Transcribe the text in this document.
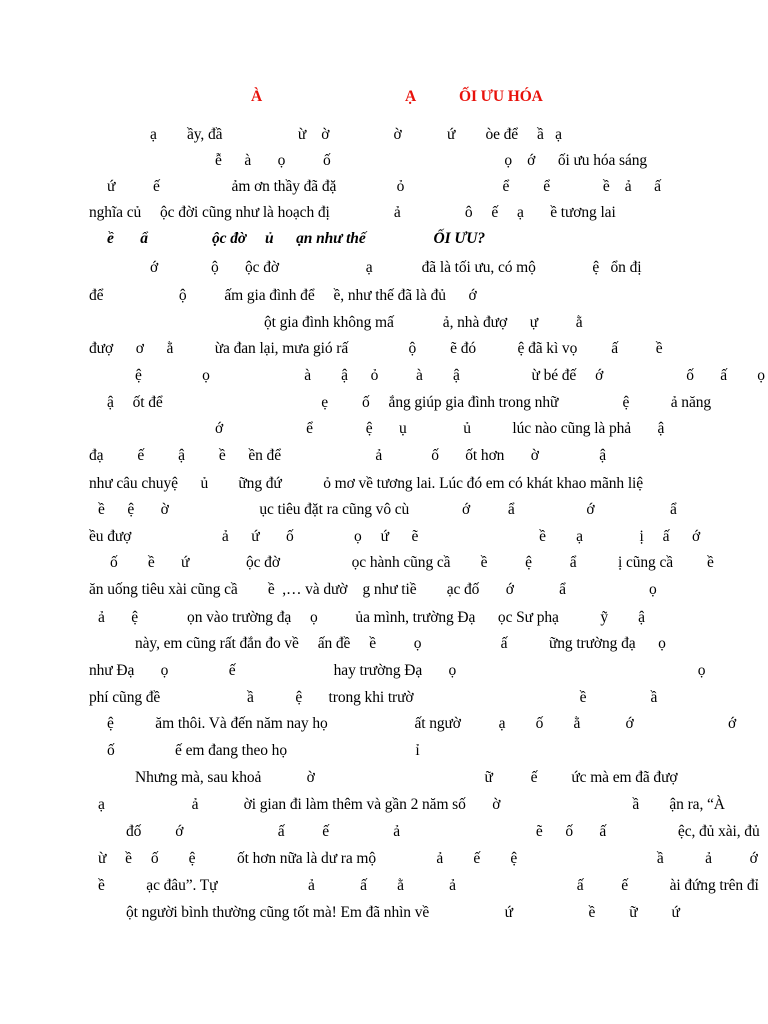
À	Ạ	ỐI ƯU HÓA
ạ        ầy, đầ                    ừ    ờ                 ờ            ứ        òe để     ầ   ạ
ễ      à       ọ          ố                                              ọ    ớ      ối ưu hóa sáng
ứ          ế                   ảm ơn thầy đã đặ                ỏ                          ể         ể              ề    ả      ấ
nghĩa củ     ộc đời cũng như là hoạch đị                 ả                 ô     ế     ạ       ề tương lai
ề       ẩ                 ộc đờ     ủ      ạn như thế                  ỐI ƯU?
ớ              ộ       ộc đờ                       ạ             đã là tối ưu, có mộ               ệ   ổn đị
để                    ộ          ấm gia đình để     ề, như thế đã là đủ      ớ
ột gia đình không mấ             ả, nhà đượ      ự          ằ
đượ      ơ      ằ           ừa đan lại, mưa gió rấ                ộ         ẽ đó           ệ đã kì vọ         ấ          ề
ệ                ọ                         à        ậ      ỏ          à        ậ                   ừ bé đế     ớ                      ố       ấ        ọ
ậ     ốt để                                          ẹ         ố     ắng giúp gia đình trong nhữ                 ệ           ả năng
ớ                      ể              ệ       ụ               ủ           lúc nào cũng là phả       ậ
đạ         ế         ậ         ề      ền để                         ả             ố       ốt hơn       ờ                ậ
như câu chuyệ      ủ        ững đứ           ỏ mơ về tương lai. Lúc đó em có khát khao mãnh liệ
ề      ệ       ờ                        ục tiêu đặt ra cũng vô cù              ớ          ẩ                   ớ                    ẩ
ều đượ                        ả      ứ       ố                ọ     ứ      ẽ                                ề        ạ               ị     ấ      ớ
ố        ề       ứ               ộc đờ                   ọc hành cũng cầ        ề          ệ          ẩ           ị cũng cầ         ề
ăn uống tiêu xài cũng cầ        ề  ,… và dườ    g như tiề        ạc đố       ớ            ẩ                      ọ
ả       ệ             ọn vào trường đạ     ọ          ủa mình, trường Đạ      ọc Sư phạ           ỹ        ậ
này, em cũng rất đắn đo về     ấn đề     ề          ọ                     ấ           ững trường đạ      ọ
như Đạ       ọ                ế                          hay trường Đạ       ọ                                                                ọ
phí cũng đề                       ầ           ệ       trong khi trườ                                            ề                 ầ
ệ           ăm thôi. Và đến năm nay họ                       ất ngườ          ạ        ố        ằ            ớ                         ớ
ố                ế em đang theo họ                                  ỉ
Nhưng mà, sau khoả            ờ                                             ữ          ế         ức mà em đã đượ
ạ                       ả            ời gian đi làm thêm và gần 2 năm số       ờ                                   ầ        ận ra, “À
đố         ớ                         ấ          ế                 ả                                    ẽ      ố       ấ                   ệc, đủ xài, đủ
ừ     ề     ố        ệ           ốt hơn nữa là dư ra mộ                ả        ế        ệ                                     ầ           ả          ớ
ề           ạc đâu”. Tự                        ả            ấ        ằ            ả                                ấ          ế           ài đứng trên đỉ
ột người bình thường cũng tốt mà! Em đã nhìn về                    ứ                    ề         ữ         ứ
